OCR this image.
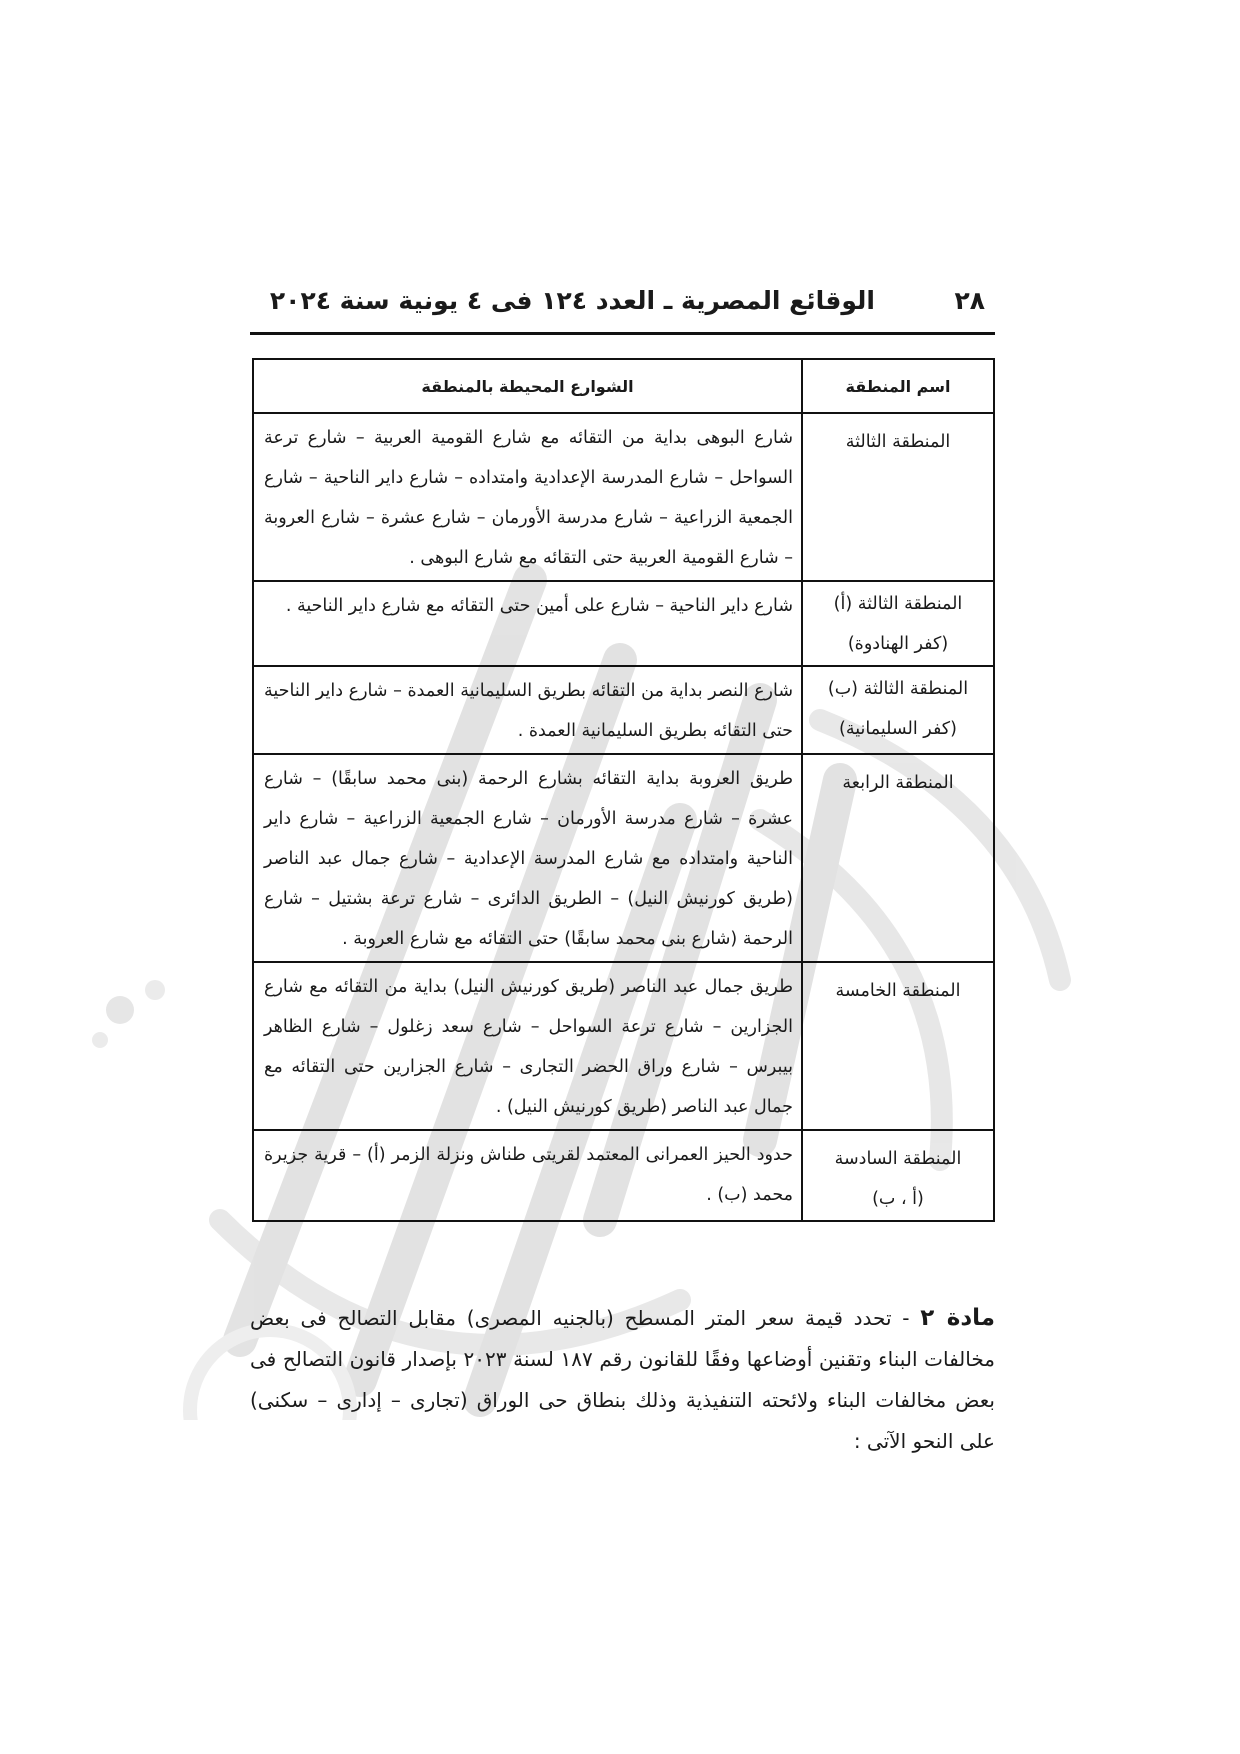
٢٨
الوقائع المصرية ـ العدد ١٢٤ فى ٤ يونية سنة ٢٠٢٤
اسم المنطقة	الشوارع المحيطة بالمنطقة

المنطقة الثالثة	شارع البوهى بداية من التقائه مع شارع القومية العربية – شارع ترعة السواحل – شارع المدرسة الإعدادية وامتداده – شارع داير الناحية – شارع الجمعية الزراعية – شارع مدرسة الأورمان – شارع عشرة – شارع العروبة – شارع القومية العربية حتى التقائه مع شارع البوهى .

المنطقة الثالثة (أ)
(كفر الهنادوة)	شارع داير الناحية – شارع على أمين حتى التقائه مع شارع داير الناحية .

المنطقة الثالثة (ب)
(كفر السليمانية)	شارع النصر بداية من التقائه بطريق السليمانية العمدة – شارع داير الناحية حتى التقائه بطريق السليمانية العمدة .

المنطقة الرابعة	طريق العروبة بداية التقائه بشارع الرحمة (بنى محمد سابقًا) – شارع عشرة – شارع مدرسة الأورمان – شارع الجمعية الزراعية – شارع داير الناحية وامتداده مع شارع المدرسة الإعدادية – شارع جمال عبد الناصر (طريق كورنيش النيل) – الطريق الدائرى – شارع ترعة بشتيل – شارع الرحمة (شارع بنى محمد سابقًا) حتى التقائه مع شارع العروبة .

المنطقة الخامسة	طريق جمال عبد الناصر (طريق كورنيش النيل) بداية من التقائه مع شارع الجزارين – شارع ترعة السواحل – شارع سعد زغلول – شارع الظاهر بيبرس – شارع وراق الحضر التجارى – شارع الجزارين حتى التقائه مع جمال عبد الناصر (طريق كورنيش النيل) .

المنطقة السادسة
(أ ، ب)	حدود الحيز العمرانى المعتمد لقريتى طناش ونزلة الزمر (أ) – قرية جزيرة محمد (ب) .

مادة ٢ - تحدد قيمة سعر المتر المسطح (بالجنيه المصرى) مقابل التصالح فى بعض مخالفات البناء وتقنين أوضاعها وفقًا للقانون رقم ١٨٧ لسنة ٢٠٢٣ بإصدار قانون التصالح فى بعض مخالفات البناء ولائحته التنفيذية وذلك بنطاق حى الوراق (تجارى – إدارى – سكنى) على النحو الآتى :
